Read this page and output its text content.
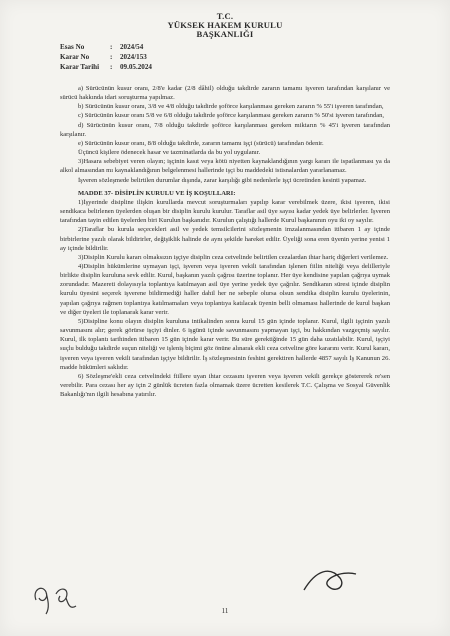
T.C.
YÜKSEK HAKEM KURULU
BAŞKANLIĞI
Esas No	:	2024/54
Karar No	:	2024/153
Karar Tarihi	:	09.05.2024

a) Sürücünün kusur oranı, 2/8'e kadar (2/8 dâhil) olduğu takdirde zararın tamamı işveren tarafından karşılanır ve sürücü hakkında idari soruşturma yapılmaz.

b) Sürücünün kusur oranı, 3/8 ve 4/8 olduğu takdirde şoförce karşılanması gereken zararın % 55'i işveren tarafından,

c) Sürücünün kusur oranı 5/8 ve 6/8 olduğu takdirde şoförce karşılanması gereken zararın % 50'si işveren tarafından,

d) Sürücünün kusur oranı, 7/8 olduğu takdirde şoförce karşılanması gereken miktarın % 45'i işveren tarafından karşılanır.

e) Sürücünün kusur oranı, 8/8 olduğu takdirde, zararın tamamı işçi (sürücü) tarafından ödenir.

Üçüncü kişilere ödenecek hasar ve tazminatlarda da bu yol uygulanır.

3)Hasara sebebiyet veren olayın; işçinin kasıt veya kötü niyetten kaynaklandığının yargı kararı ile ispatlanması ya da alkol almasından mı kaynaklandığının belgelenmesi hallerinde işçi bu maddedeki istisnalardan yararlanamaz.

İşveren sözleşmede belirtilen durumlar dışında, zarar karşılığı gibi nedenlerle işçi ücretinden kesinti yapamaz.

MADDE 37- DİSİPLİN KURULU VE İŞ KOŞULLARI:

1)İşyerinde disipline ilişkin kurullarda mevcut soruşturmaları yapılıp karar verebilmek üzere, ikisi işveren, ikisi sendikaca belirlenen üyelerden oluşan bir disiplin kurulu kurulur. Taraflar asil üye sayısı kadar yedek üye belirlerler. İşveren tarafından tayin edilen üyelerden biri Kurulun başkanıdır. Kurulun çalıştığı hallerde Kurul başkanının oyu iki oy sayılır.

2)Taraflar bu kurula seçecekleri asil ve yedek temsilcilerini sözleşmenin imzalanmasından itibaren 1 ay içinde birbirlerine yazılı olarak bildirirler, değişiklik halinde de aynı şekilde hareket edilir. Üyeliği sona eren üyenin yerine yenisi 1 ay içinde bildirilir.

3)Disiplin Kurulu kararı olmaksızın işçiye disiplin ceza cetvelinde belirtilen cezalardan ihtar hariç diğerleri verilemez.

4)Disiplin hükümlerine uymayan işçi, işveren veya işveren vekili tarafından işlenen fiilin niteliği veya delilleriyle birlikte disiplin kuruluna sevk edilir. Kurul, başkanın yazılı çağrısı üzerine toplanır. Her üye kendisine yapılan çağrıya uymak zorundadır. Mazereti dolayısıyla toplantıya katılmayan asil üye yerine yedek üye çağrılır. Sendikanın süresi içinde disiplin kurulu üyesini seçerek işverene bildirmediği haller dahil her ne sebeple olursa olsun sendika disiplin kurulu üyelerinin, yapılan çağrıya rağmen toplantıya katılmamaları veya toplantıya katılacak üyenin belli olmaması hallerinde de kurul başkan ve diğer üyeleri ile toplanarak karar verir.

5)Disipline konu olayın disiplin kuruluna intikalinden sonra kurul 15 gün içinde toplanır. Kurul, ilgili işçinin yazılı savunmasını alır; gerek görürse işçiyi dinler. 6 işgünü içinde savunmasını yapmayan işçi, bu hakkından vazgeçmiş sayılır. Kurul, ilk toplantı tarihinden itibaren 15 gün içinde karar verir. Bu süre gerektiğinde 15 gün daha uzatılabilir. Kurul, işçiyi suçlu bulduğu takdirde suçun niteliği ve işleniş biçimi göz önüne alınarak ekli ceza cetveline göre kararını verir. Kurul kararı, işveren veya işveren vekili tarafından işçiye bildirilir. İş sözleşmesinin feshini gerektiren hallerde 4857 sayılı İş Kanunun 26. madde hükümleri saklıdır.

6) Sözleşme'ekli ceza cetvelindeki fiillere uyan ihtar cezasını işveren veya işveren vekili gerekçe göstererek re'sen verebilir. Para cezası her ay için 2 günlük ücreten fazla olmamak üzere ücretten kesilerek T.C. Çalışma ve Sosyal Güvenlik Bakanlığı'nın ilgili hesabına yatırılır.

11
